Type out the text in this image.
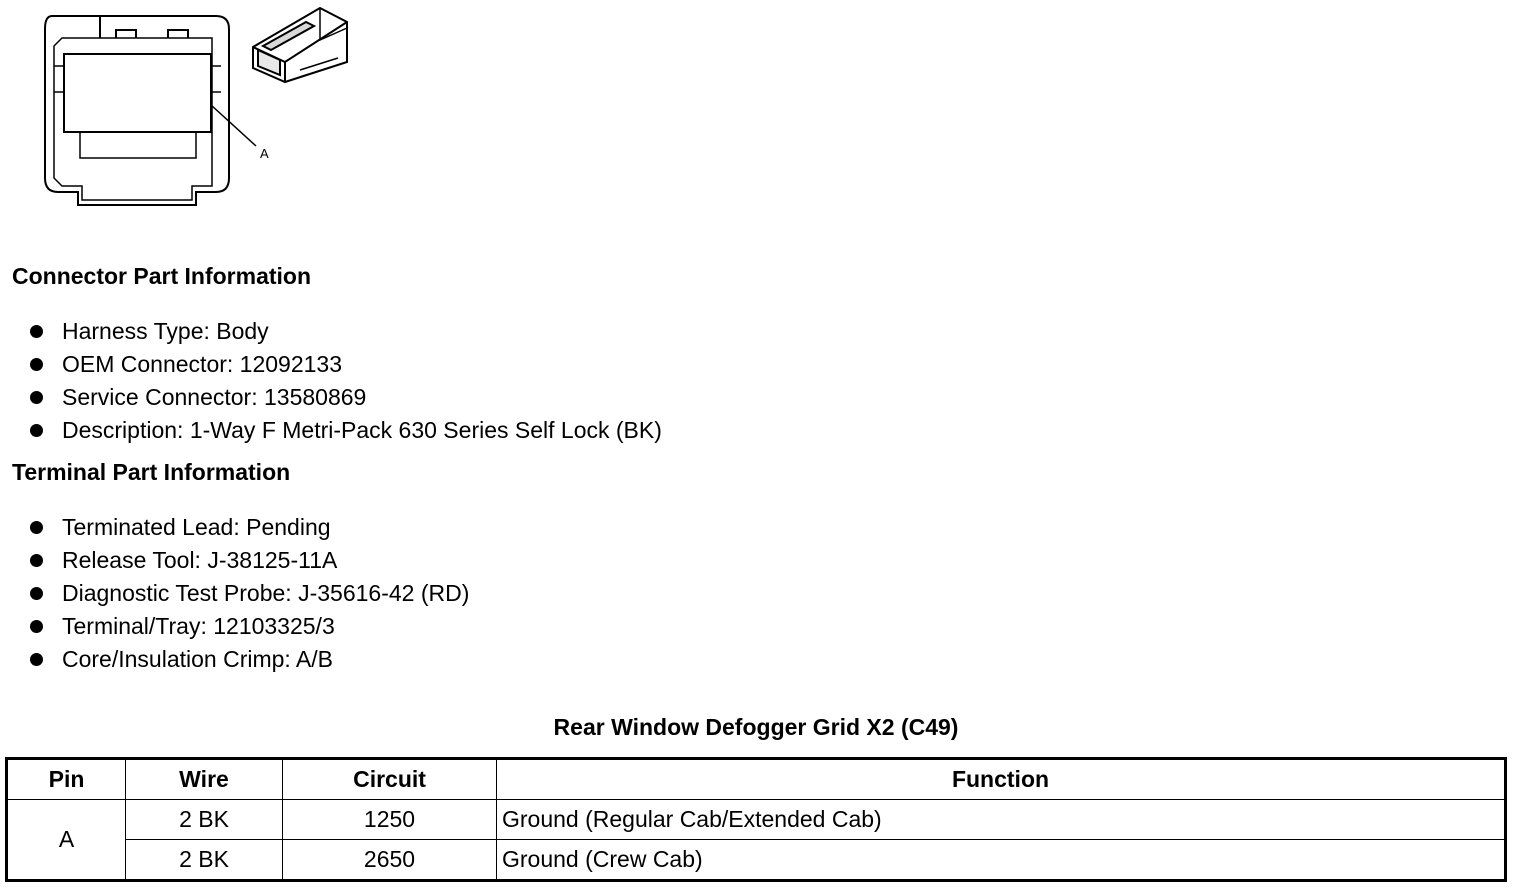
A
Connector Part Information
Harness Type: Body
OEM Connector: 12092133
Service Connector: 13580869
Description: 1-Way F Metri-Pack 630 Series Self Lock (BK)
Terminal Part Information
Terminated Lead: Pending
Release Tool: J-38125-11A
Diagnostic Test Probe: J-35616-42 (RD)
Terminal/Tray: 12103325/3
Core/Insulation Crimp: A/B
Rear Window Defogger Grid X2 (C49)
Pin	Wire	Circuit	Function
A	2 BK	1250	Ground (Regular Cab/Extended Cab)
	2 BK	2650	Ground (Crew Cab)
